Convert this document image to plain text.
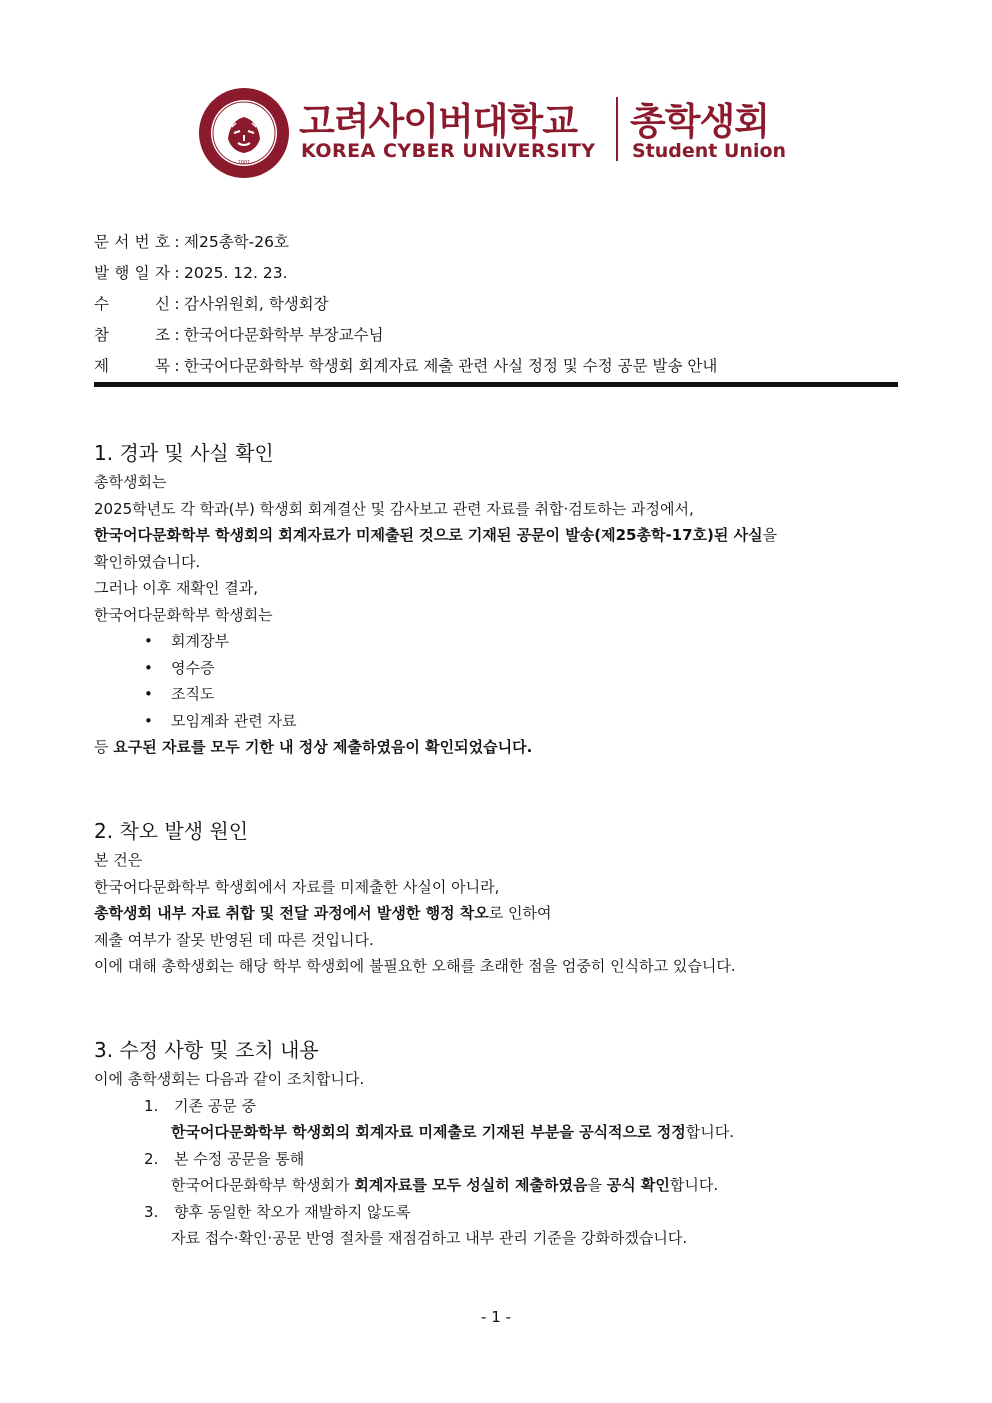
2001
고려사이버대학교
KOREA CYBER UNIVERSITY
총학생회
Student Union
문 서 번 호 : 제25총학-26호
발 행 일 자 : 2025. 12. 23.
수	신 : 감사위원회, 학생회장
참	조 : 한국어다문화학부 부장교수님
제	목 : 한국어다문화학부 학생회 회계자료 제출 관련 사실 정정 및 수정 공문 발송 안내
1. 경과 및 사실 확인
총학생회는
2025학년도 각 학과(부) 학생회 회계결산 및 감사보고 관련 자료를 취합·검토하는 과정에서,
한국어다문화학부 학생회의 회계자료가 미제출된 것으로 기재된 공문이 발송(제25총학-17호)된 사실을
확인하였습니다.
그러나 이후 재확인 결과,
한국어다문화학부 학생회는
• 회계장부
• 영수증
• 조직도
• 모임계좌 관련 자료
등 요구된 자료를 모두 기한 내 정상 제출하였음이 확인되었습니다.
2. 착오 발생 원인
본 건은
한국어다문화학부 학생회에서 자료를 미제출한 사실이 아니라,
총학생회 내부 자료 취합 및 전달 과정에서 발생한 행정 착오로 인하여
제출 여부가 잘못 반영된 데 따른 것입니다.
이에 대해 총학생회는 해당 학부 학생회에 불필요한 오해를 초래한 점을 엄중히 인식하고 있습니다.
3. 수정 사항 및 조치 내용
이에 총학생회는 다음과 같이 조치합니다.
1. 기존 공문 중
한국어다문화학부 학생회의 회계자료 미제출로 기재된 부분을 공식적으로 정정합니다.
2. 본 수정 공문을 통해
한국어다문화학부 학생회가 회계자료를 모두 성실히 제출하였음을 공식 확인합니다.
3. 향후 동일한 착오가 재발하지 않도록
자료 접수·확인·공문 반영 절차를 재점검하고 내부 관리 기준을 강화하겠습니다.
- 1 -
